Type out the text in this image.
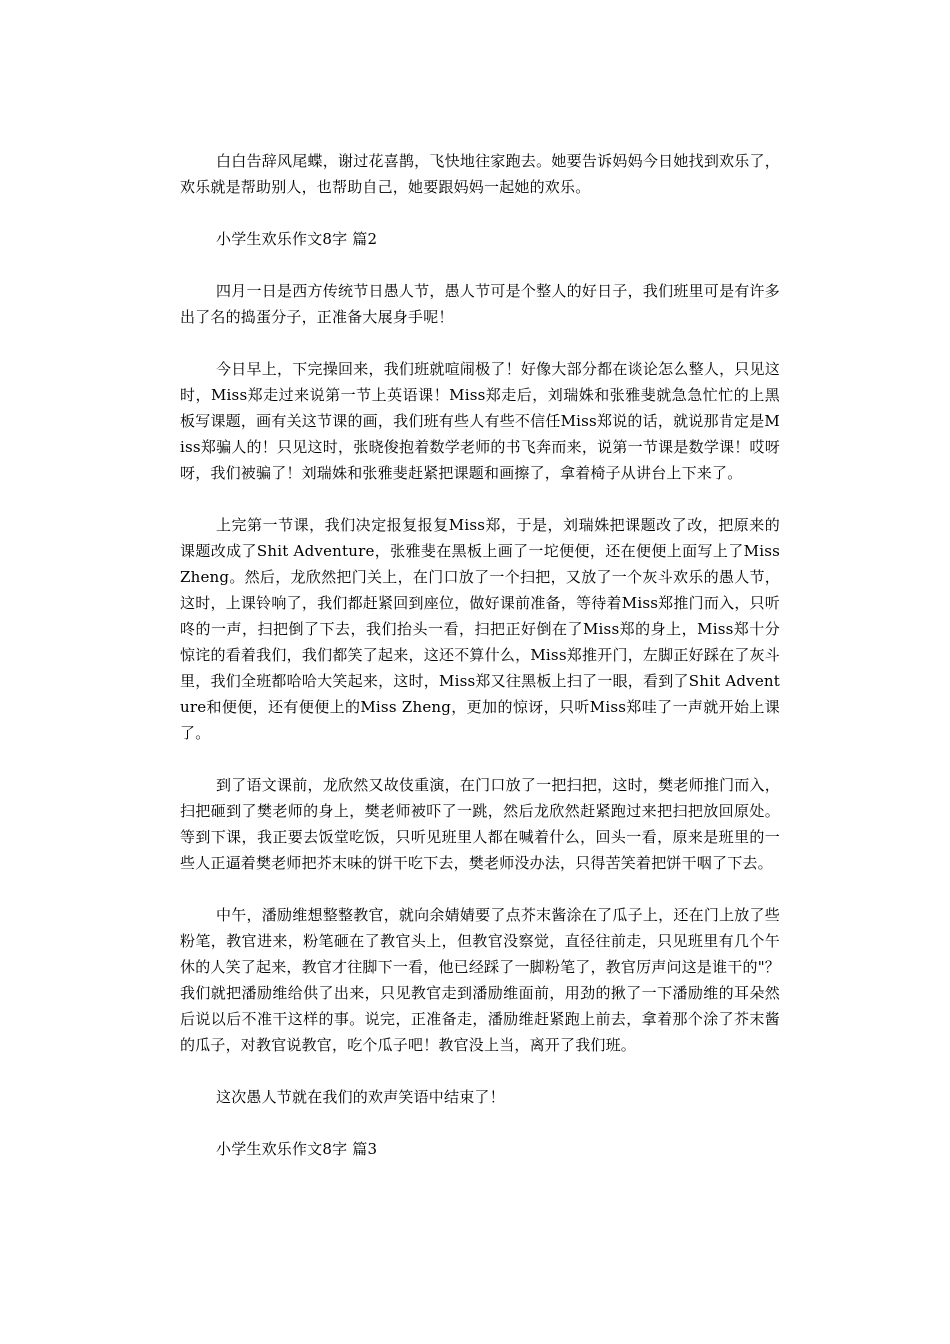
白白告辞风尾蝶，谢过花喜鹊，飞快地往家跑去。她要告诉妈妈今日她找到欢乐了，欢乐就是帮助别人，也帮助自己，她要跟妈妈一起她的欢乐。

小学生欢乐作文8字 篇2

四月一日是西方传统节日愚人节，愚人节可是个整人的好日子，我们班里可是有许多出了名的捣蛋分子，正准备大展身手呢！

今日早上，下完操回来，我们班就喧闹极了！好像大部分都在谈论怎么整人，只见这时，Miss郑走过来说第一节上英语课！Miss郑走后，刘瑞姝和张雅斐就急急忙忙的上黑板写课题，画有关这节课的画，我们班有些人有些不信任Miss郑说的话，就说那肯定是Miss郑骗人的！只见这时，张晓俊抱着数学老师的书飞奔而来，说第一节课是数学课！哎呀呀，我们被骗了！刘瑞姝和张雅斐赶紧把课题和画擦了，拿着椅子从讲台上下来了。

上完第一节课，我们决定报复报复Miss郑，于是，刘瑞姝把课题改了改，把原来的课题改成了Shit Adventure，张雅斐在黑板上画了一坨便便，还在便便上面写上了Miss Zheng。然后，龙欣然把门关上，在门口放了一个扫把，又放了一个灰斗欢乐的愚人节，这时，上课铃响了，我们都赶紧回到座位，做好课前准备，等待着Miss郑推门而入，只听咚的一声，扫把倒了下去，我们抬头一看，扫把正好倒在了Miss郑的身上，Miss郑十分惊诧的看着我们，我们都笑了起来，这还不算什么，Miss郑推开门，左脚正好踩在了灰斗里，我们全班都哈哈大笑起来，这时，Miss郑又往黑板上扫了一眼，看到了Shit Adventure和便便，还有便便上的Miss Zheng，更加的惊讶，只听Miss郑哇了一声就开始上课了。

到了语文课前，龙欣然又故伎重演，在门口放了一把扫把，这时，樊老师推门而入，扫把砸到了樊老师的身上，樊老师被吓了一跳，然后龙欣然赶紧跑过来把扫把放回原处。等到下课，我正要去饭堂吃饭，只听见班里人都在喊着什么，回头一看，原来是班里的一些人正逼着樊老师把芥末味的饼干吃下去，樊老师没办法，只得苦笑着把饼干咽了下去。

中午，潘励维想整整教官，就向余婧婧要了点芥末酱涂在了瓜子上，还在门上放了些粉笔，教官进来，粉笔砸在了教官头上，但教官没察觉，直径往前走，只见班里有几个午休的人笑了起来，教官才往脚下一看，他已经踩了一脚粉笔了，教官厉声问这是谁干的"？我们就把潘励维给供了出来，只见教官走到潘励维面前，用劲的揪了一下潘励维的耳朵然后说以后不准干这样的事。说完，正准备走，潘励维赶紧跑上前去，拿着那个涂了芥末酱的瓜子，对教官说教官，吃个瓜子吧！教官没上当，离开了我们班。

这次愚人节就在我们的欢声笑语中结束了！

小学生欢乐作文8字 篇3
